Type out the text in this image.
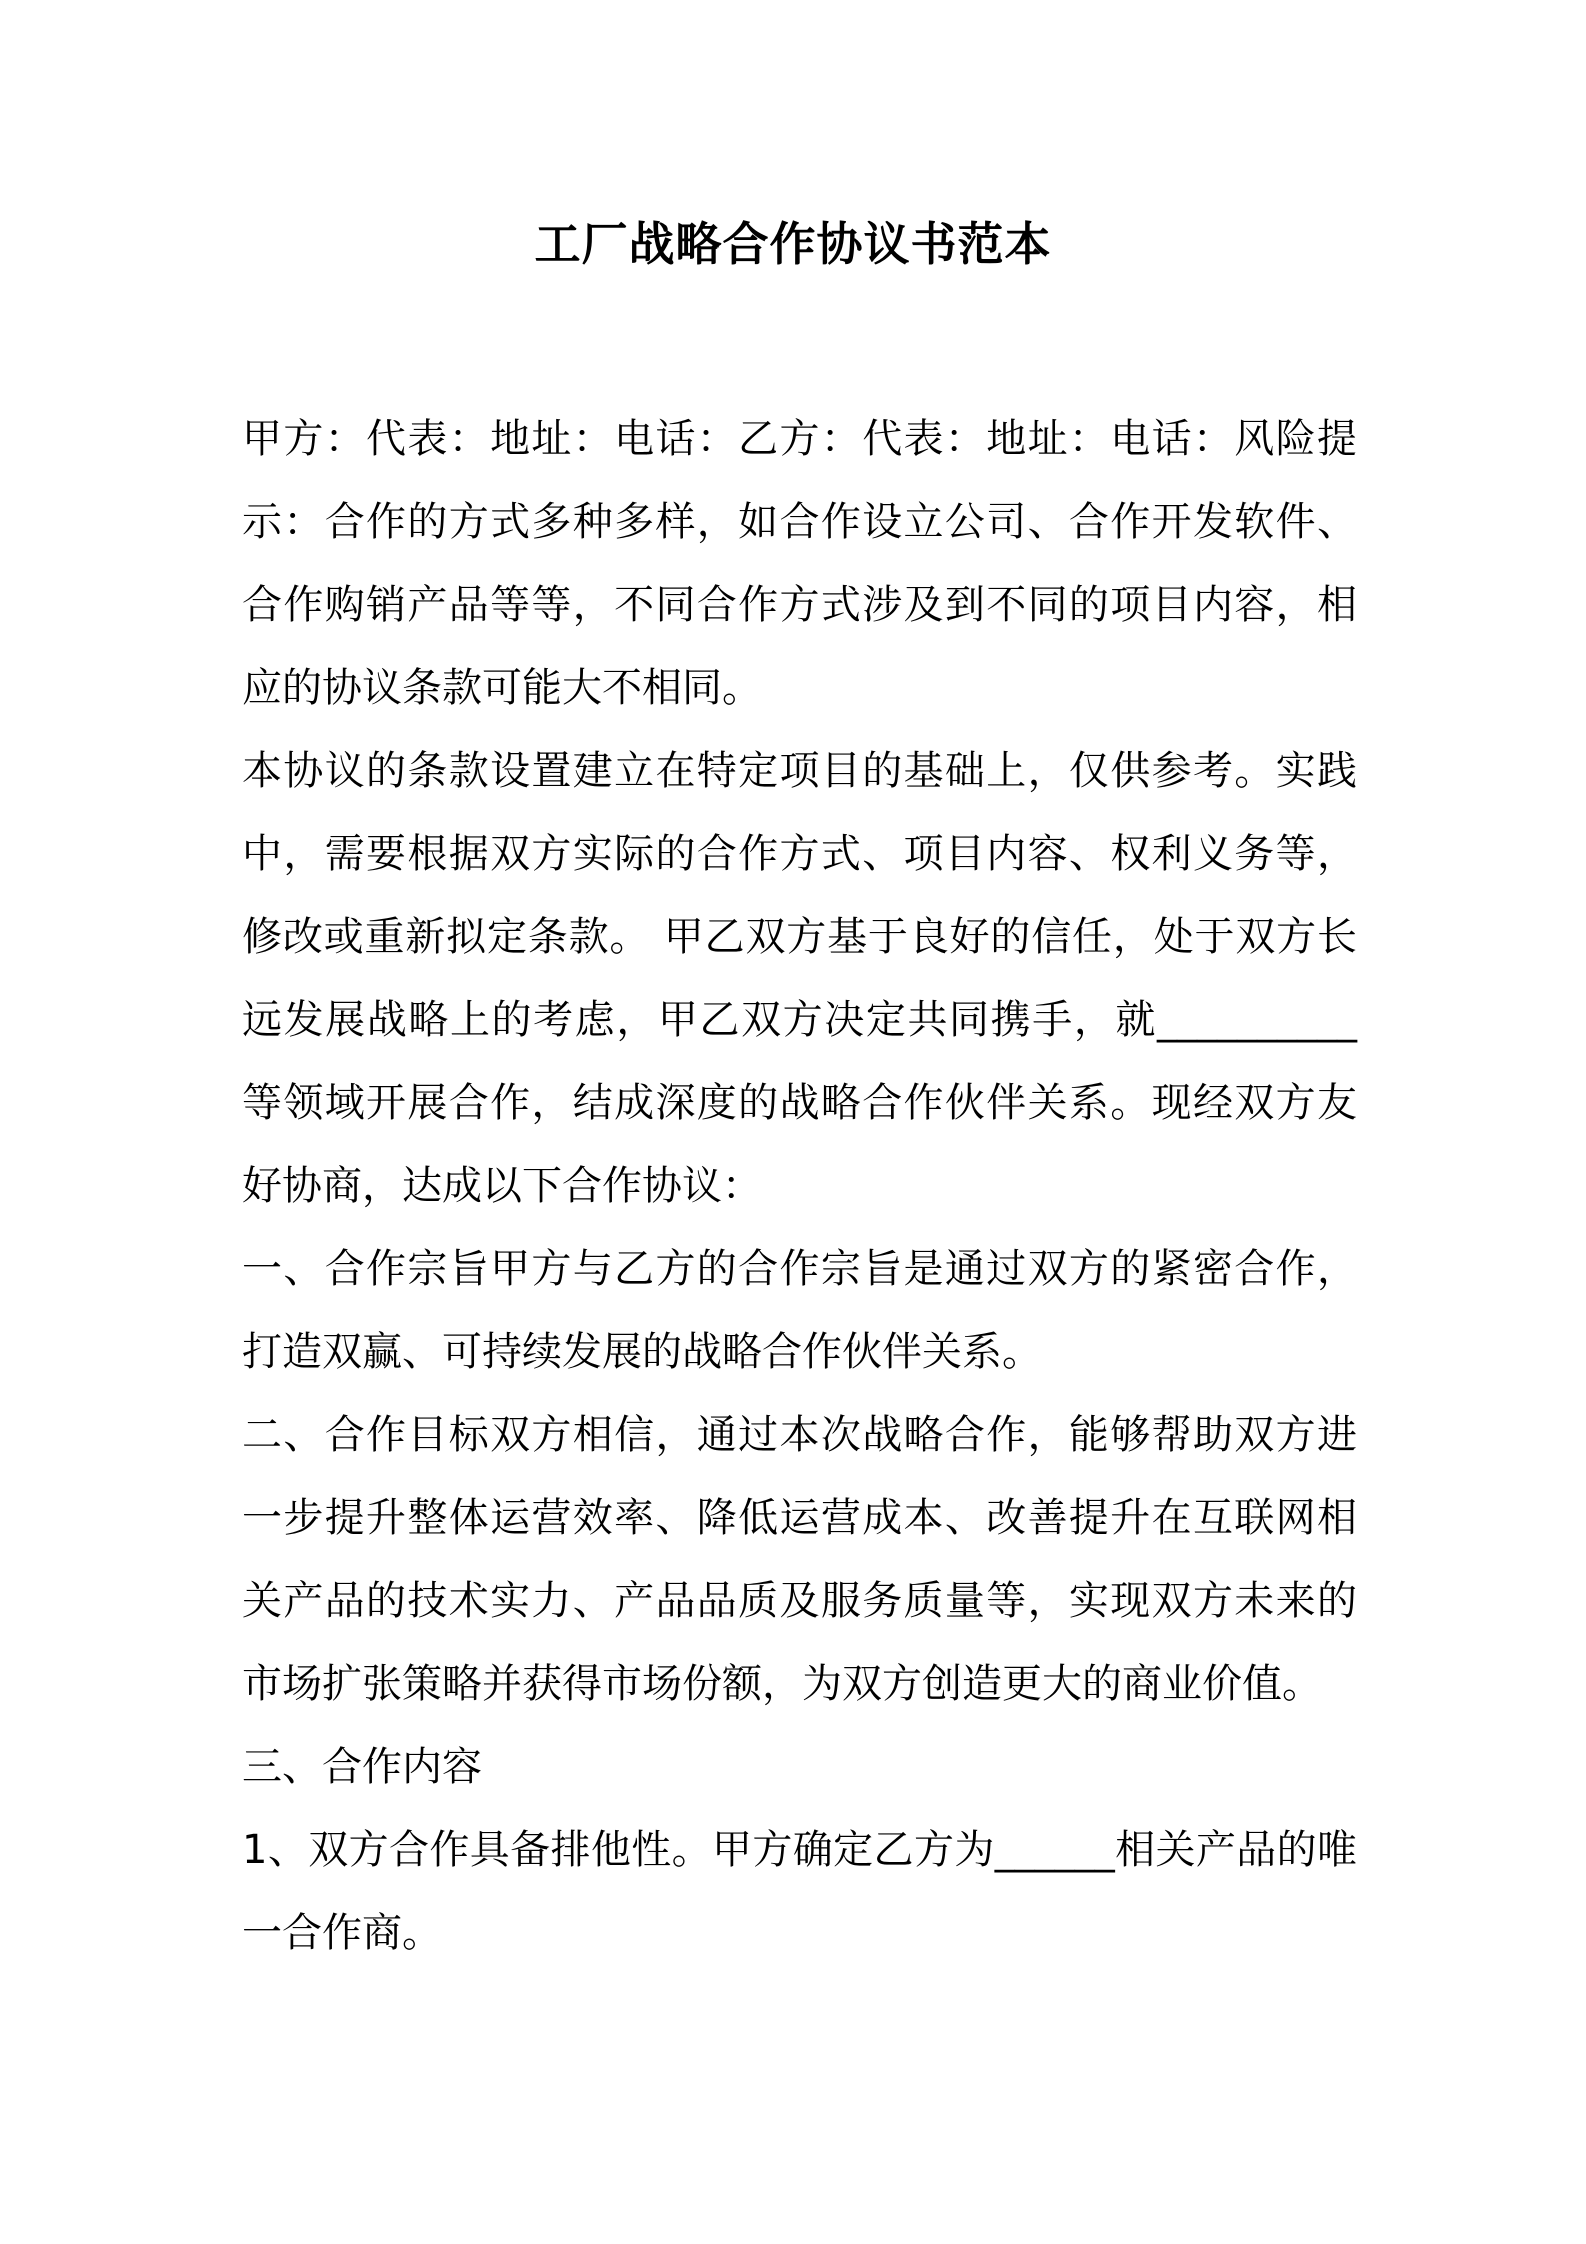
工厂战略合作协议书范本

甲方：代表：地址：电话：乙方：代表：地址：电话：风险提示：合作的方式多种多样，如合作设立公司、合作开发软件、合作购销产品等等，不同合作方式涉及到不同的项目内容，相应的协议条款可能大不相同。

本协议的条款设置建立在特定项目的基础上，仅供参考。实践中，需要根据双方实际的合作方式、项目内容、权利义务等，修改或重新拟定条款。 甲乙双方基于良好的信任，处于双方长远发展战略上的考虑，甲乙双方决定共同携手，就__________等领域开展合作，结成深度的战略合作伙伴关系。现经双方友好协商，达成以下合作协议：

一、合作宗旨甲方与乙方的合作宗旨是通过双方的紧密合作，打造双赢、可持续发展的战略合作伙伴关系。

二、合作目标双方相信，通过本次战略合作，能够帮助双方进一步提升整体运营效率、降低运营成本、改善提升在互联网相关产品的技术实力、产品品质及服务质量等，实现双方未来的市场扩张策略并获得市场份额，为双方创造更大的商业价值。

三、合作内容

1、双方合作具备排他性。甲方确定乙方为______相关产品的唯一合作商。
